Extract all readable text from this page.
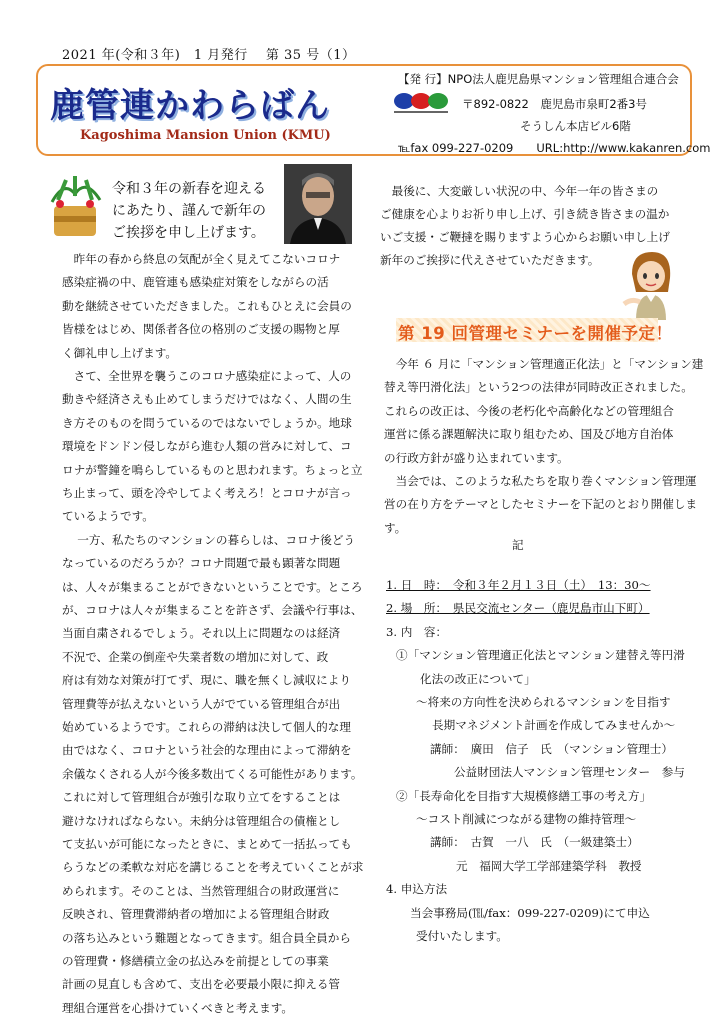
2021 年(令和３年)　1 月発行　 第 35 号（1）
鹿管連かわらばん
Kagoshima Mansion Union (KMU)
【発 行】NPO法人鹿児島県マンション管理組合連合会
〒892-0822　鹿児島市泉町2番3号
そうしん本店ビル6階
℡fax 099-227-0209　　URL:http://www.kakanren.com
令和３年の新春を迎える
にあたり、謹んで新年の
ご挨拶を申し上げます。
　昨年の春から終息の気配が全く見えてこないコロナ
感染症禍の中、鹿管連も感染症対策をしながらの活
動を継続させていただきました。これもひとえに会員の
皆様をはじめ、関係者各位の格別のご支援の賜物と厚
く御礼申し上げます。
　さて、全世界を襲うこのコロナ感染症によって、人の
動きや経済さえも止めてしまうだけではなく、人間の生
き方そのものを問うているのではないでしょうか。地球
環境をドンドン侵しながら進む人類の営みに対して、コ
ロナが警鐘を鳴らしているものと思われます。ちょっと立
ち止まって、頭を冷やしてよく考えろ！とコロナが言っ
ているようです。
　 一方、私たちのマンションの暮らしは、コロナ後どう
なっているのだろうか？コロナ問題で最も顕著な問題
は、人々が集まることができないということです。ところ
が、コロナは人々が集まることを許さず、会議や行事は、
当面自粛されるでしょう。それ以上に問題なのは経済
不況で、企業の倒産や失業者数の増加に対して、政
府は有効な対策が打てず、現に、職を無くし減収により
管理費等が払えないという人がでている管理組合が出
始めているようです。これらの滞納は決して個人的な理
由ではなく、コロナという社会的な理由によって滞納を
余儀なくされる人が今後多数出てくる可能性があります。
これに対して管理組合が強引な取り立てをすることは
避けなければならない。未納分は管理組合の債権とし
て支払いが可能になったときに、まとめて一括払っても
らうなどの柔軟な対応を講じることを考えていくことが求
められます。そのことは、当然管理組合の財政運営に
反映され、管理費滞納者の増加による管理組合財政
の落ち込みという難題となってきます。組合員全員から
の管理費・修繕積立金の払込みを前提としての事業
計画の見直しも含めて、支出を必要最小限に抑える管
理組合運営を心掛けていくべきと考えます。
　最後に、大変厳しい状況の中、今年一年の皆さまの
ご健康を心よりお祈り申し上げ、引き続き皆さまの温か
いご支援・ご鞭撻を賜りますよう心からお願い申し上げ
新年のご挨拶に代えさせていただきます。
第 19 回管理セミナーを開催予定！
　今年 ６ 月に「マンション管理適正化法」と「マンション建
替え等円滑化法」という2つの法律が同時改正されました。
これらの改正は、今後の老朽化や高齢化などの管理組合
運営に係る課題解決に取り組むため、国及び地方自治体
の行政方針が盛り込まれています。
　当会では、このような私たちを取り巻くマンション管理運
営の在り方をテーマとしたセミナーを下記のとおり開催しま
す。
記
1. 日　時：　令和３年２月１３日（土）　13：30～
2. 場　所：　県民交流センター（鹿児島市山下町）
3. 内　容：
①「マンション管理適正化法とマンション建替え等円滑
化法の改正について」
～将来の方向性を決められるマンションを目指す
長期マネジメント計画を作成してみませんか～
講師：　廣田　信子　氏　（マンション管理士）
公益財団法人マンション管理センター　参与
②「長寿命化を目指す大規模修繕工事の考え方」
～コスト削減につながる建物の維持管理～
講師：　古賀　一八　氏　（一級建築士）
元　福岡大学工学部建築学科　教授
4. 申込方法
当会事務局(℡/fax：099-227-0209)にて申込
受付いたします。
